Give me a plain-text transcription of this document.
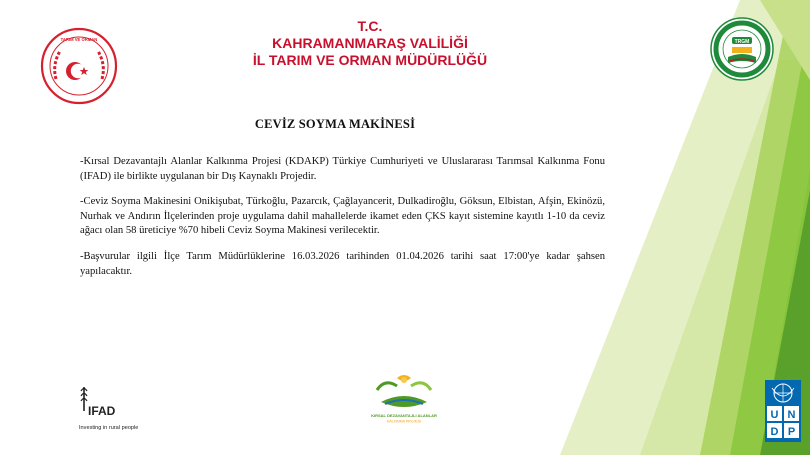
TARIM VE ORMAN
T.C.
KAHRAMANMARAŞ VALİLİĞİ
İL TARIM VE ORMAN MÜDÜRLÜĞÜ
TRGM
CEVİZ SOYMA MAKİNESİ
-Kırsal Dezavantajlı Alanlar Kalkınma Projesi (KDAKP) Türkiye Cumhuriyeti ve Uluslararası Tarımsal Kalkınma Fonu (IFAD) ile birlikte uygulanan bir Dış Kaynaklı Projedir.
-Ceviz Soyma Makinesini Onikişubat, Türkoğlu, Pazarcık, Çağlayancerit, Dulkadiroğlu, Göksun, Elbistan, Afşin, Ekinözü, Nurhak ve Andırın İlçelerinden proje uygulama dahil mahallelerde ikamet eden ÇKS kayıt sistemine kayıtlı 1-10 da ceviz ağacı olan 58 üreticiye %70 hibeli Ceviz Soyma Makinesi verilecektir.
-Başvurular ilgili İlçe Tarım Müdürlüklerine 16.03.2026 tarihinden 01.04.2026 tarihi saat 17:00'ye kadar şahsen yapılacaktır.
IFAD
Investing in rural people
KIRSAL DEZAVANTAJLI ALANLAR
KALKINMA PROJESİ
U N
D P
